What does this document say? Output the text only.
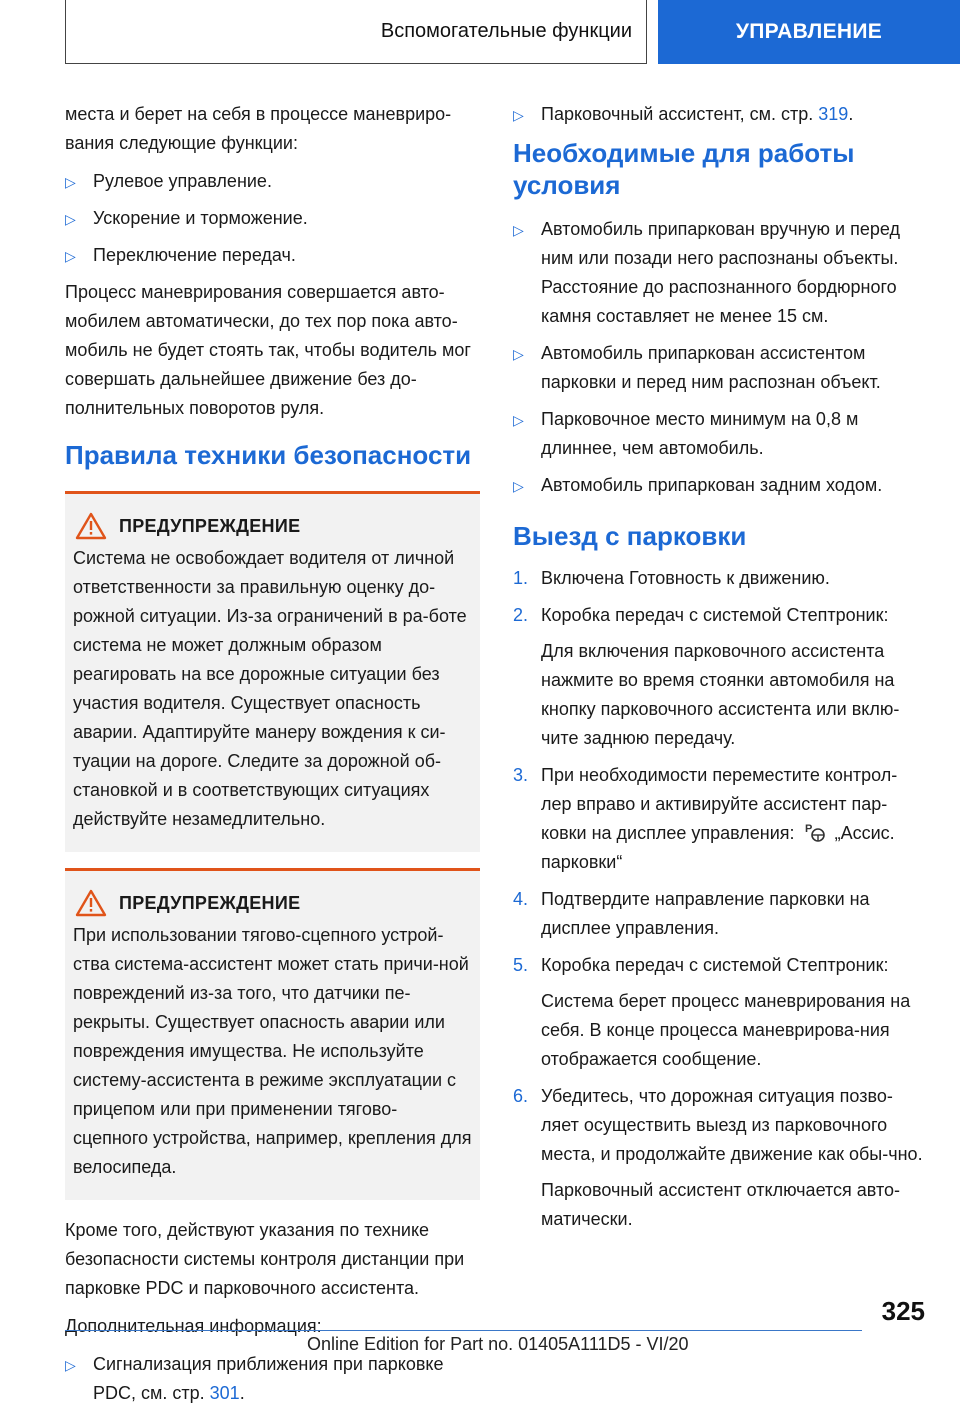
Вспомогательные функции	УПРАВЛЕНИЕ

места и берет на себя в процессе маневриро-вания следующие функции:

▷ Рулевое управление.
▷ Ускорение и торможение.
▷ Переключение передач.

Процесс маневрирования совершается авто-мобилем автоматически, до тех пор пока авто-мобиль не будет стоять так, чтобы водитель мог совершать дальнейшее движение без до-полнительных поворотов руля.

Правила техники безопасности
ПРЕДУПРЕЖДЕНИЕ

Система не освобождает водителя от личной ответственности за правильную оценку до-рожной ситуации. Из-за ограничений в ра-боте система не может должным образом реагировать на все дорожные ситуации без участия водителя. Существует опасность аварии. Адаптируйте манеру вождения к си-туации на дороге. Следите за дорожной об-становкой и в соответствующих ситуациях действуйте незамедлительно.

ПРЕДУПРЕЖДЕНИЕ

При использовании тягово-сцепного устрой-ства система-ассистент может стать причи-ной повреждений из-за того, что датчики пе-рекрыты. Существует опасность аварии или повреждения имущества. Не используйте систему-ассистента в режиме эксплуатации с прицепом или при применении тягово-сцепного устройства, например, крепления для велосипеда.

Кроме того, действуют указания по технике безопасности системы контроля дистанции при парковке PDC и парковочного ассистента.

Дополнительная информация:

▷ Сигнализация приближения при парковке PDC, см. стр. 301.
▷ Парковочный ассистент, см. стр. 319.
Необходимые для работы условия
▷ Автомобиль припаркован вручную и перед ним или позади него распознаны объекты. Расстояние до распознанного бордюрного камня составляет не менее 15 см.
▷ Автомобиль припаркован ассистентом парковки и перед ним распознан объект.
▷ Парковочное место минимум на 0,8 м длиннее, чем автомобиль.
▷ Автомобиль припаркован задним ходом.
Выезд с парковки
1. Включена Готовность к движению.
2. Коробка передач с системой Стептроник:

Для включения парковочного ассистента нажмите во время стоянки автомобиля на кнопку парковочного ассистента или вклю-чите заднюю передачу.

3. При необходимости переместите контрол-лер вправо и активируйте ассистент пар-ковки на дисплее управления: P „Ассис. парковки“
4. Подтвердите направление парковки на дисплее управления.
5. Коробка передач с системой Стептроник:

Система берет процесс маневрирования на себя. В конце процесса маневрирова-ния отображается сообщение.

6. Убедитесь, что дорожная ситуация позво-ляет осуществить выезд из парковочного места, и продолжайте движение как обы-чно.

Парковочный ассистент отключается авто-матически.

325
Online Edition for Part no. 01405A111D5 - VI/20
